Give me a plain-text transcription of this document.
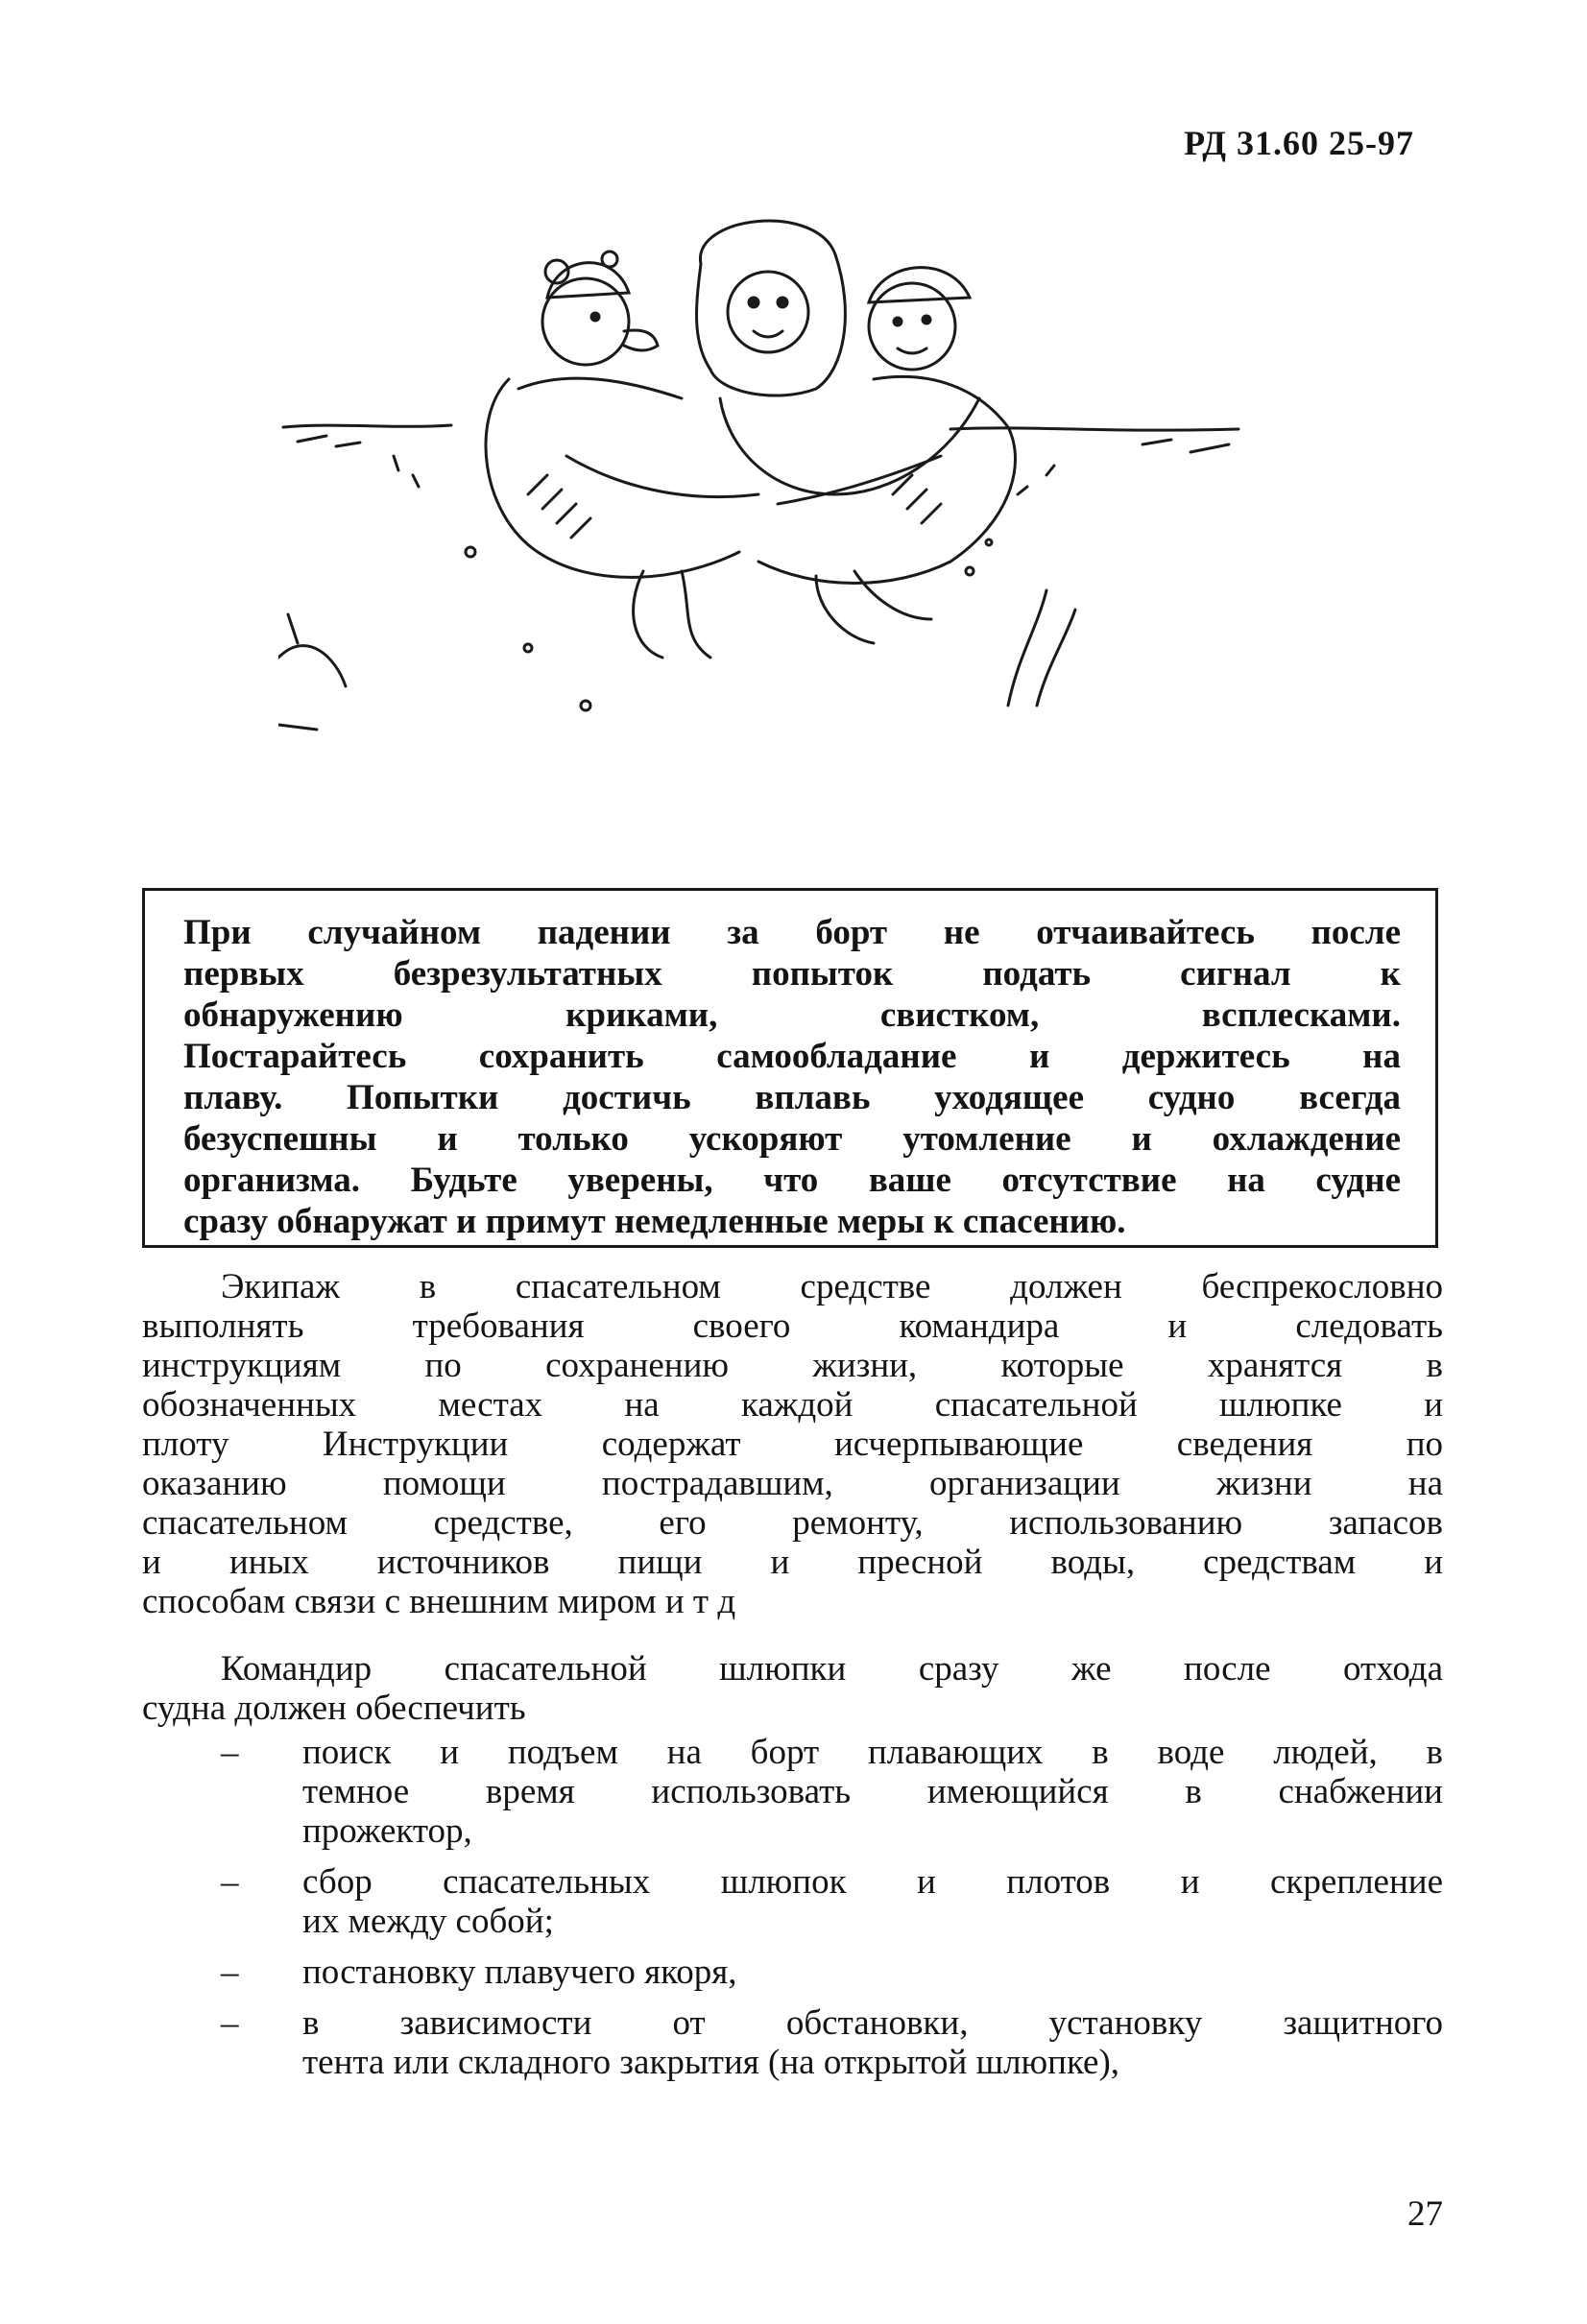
РД 31.60 25-97
При случайном падении за борт не отчаивайтесь после
первых безрезультатных попыток подать сигнал к
обнаружению криками, свистком, всплесками.
Постарайтесь сохранить самообладание и держитесь на
плаву. Попытки достичь вплавь уходящее судно всегда
безуспешны и только ускоряют утомление и охлаждение
организма. Будьте уверены, что ваше отсутствие на судне
сразу обнаружат и примут немедленные меры к спасению.
Экипаж в спасательном средстве должен беспрекословно
выполнять требования своего командира и следовать
инструкциям по сохранению жизни, которые хранятся в
обозначенных местах на каждой спасательной шлюпке и
плоту Инструкции содержат исчерпывающие сведения по
оказанию помощи пострадавшим, организации жизни на
спасательном средстве, его ремонту, использованию запасов
и иных источников пищи и пресной воды, средствам и
способам связи с внешним миром и т д
Командир спасательной шлюпки сразу же после отхода
судна должен обеспечить
– поиск и подъем на борт плавающих в воде людей, в
темное время использовать имеющийся в снабжении
прожектор,
– сбор спасательных шлюпок и плотов и скрепление
их между собой;
– постановку плавучего якоря,
– в зависимости от обстановки, установку защитного
тента или складного закрытия (на открытой шлюпке),
27
